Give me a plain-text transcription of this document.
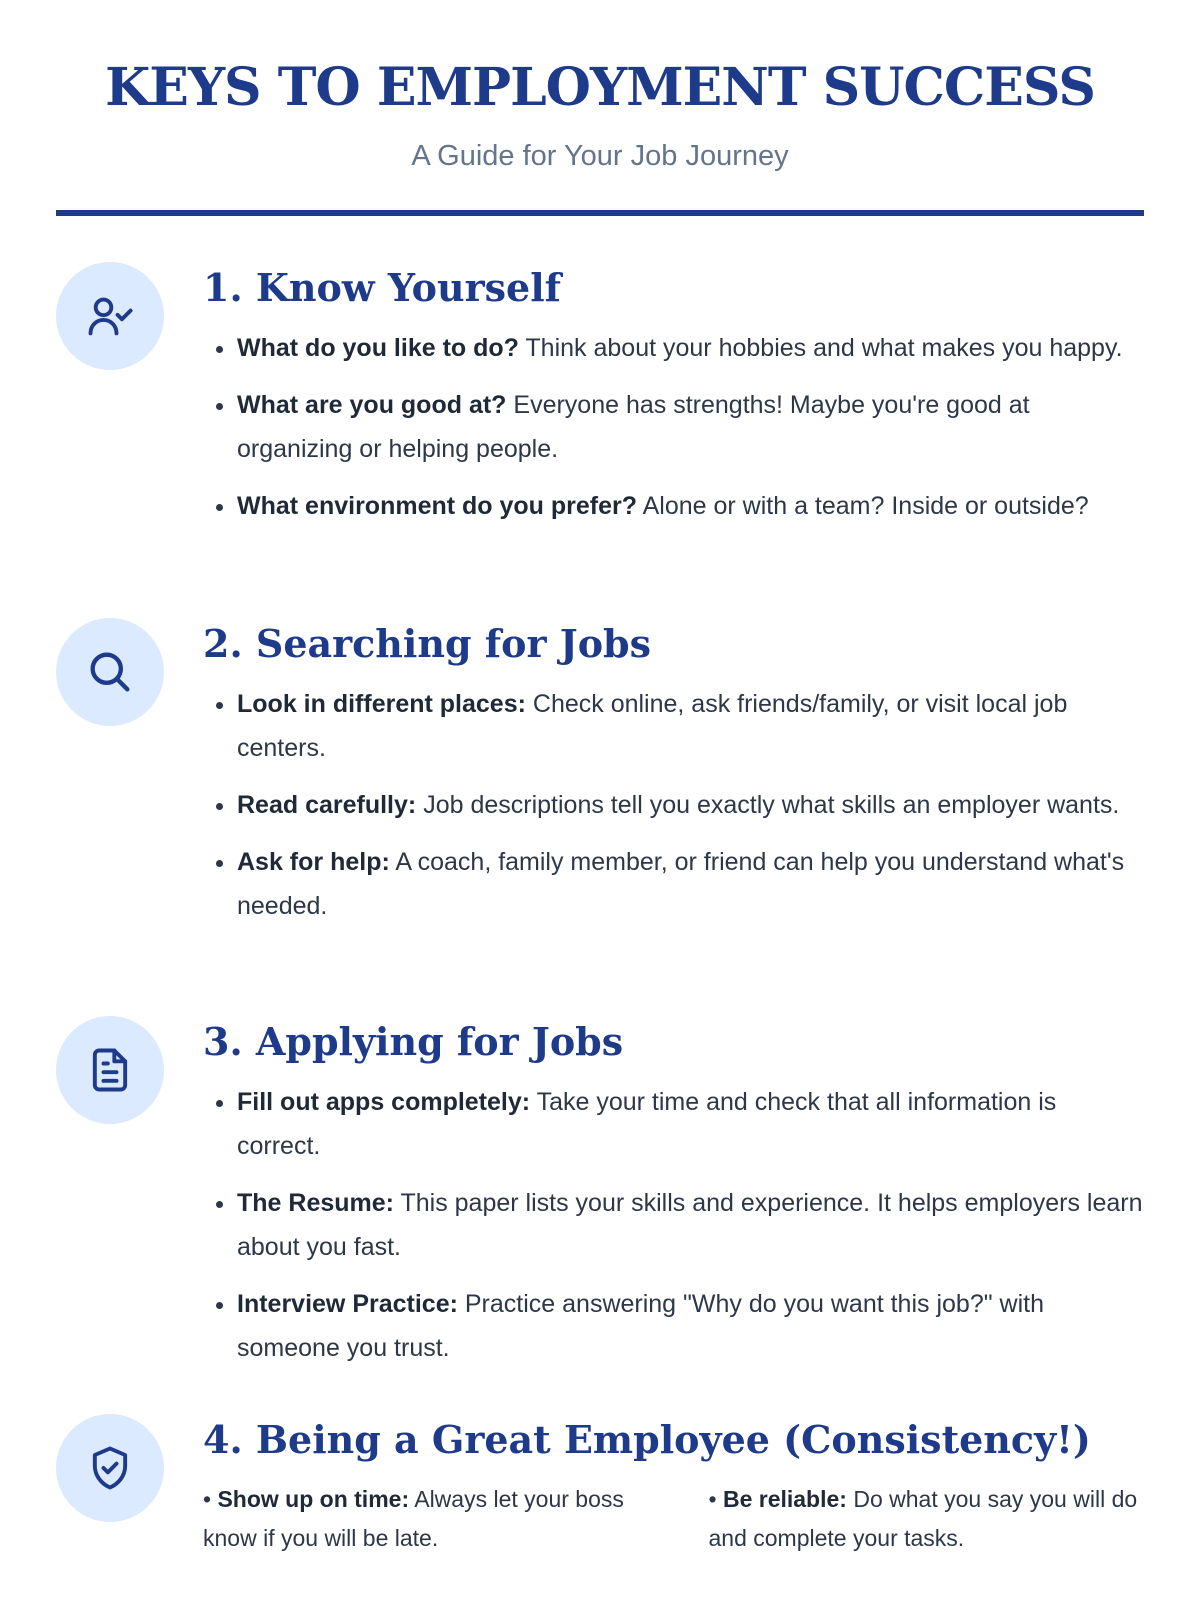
KEYS TO EMPLOYMENT SUCCESS
A Guide for Your Job Journey
1. Know Yourself
• What do you like to do? Think about your hobbies and what makes you happy.
• What are you good at? Everyone has strengths! Maybe you're good at organizing or helping people.
• What environment do you prefer? Alone or with a team? Inside or outside?
2. Searching for Jobs
• Look in different places: Check online, ask friends/family, or visit local job centers.
• Read carefully: Job descriptions tell you exactly what skills an employer wants.
• Ask for help: A coach, family member, or friend can help you understand what's needed.
3. Applying for Jobs
• Fill out apps completely: Take your time and check that all information is correct.
• The Resume: This paper lists your skills and experience. It helps employers learn about you fast.
• Interview Practice: Practice answering "Why do you want this job?" with someone you trust.
4. Being a Great Employee (Consistency!)
• Show up on time: Always let your boss know if you will be late.
• Be reliable: Do what you say you will do and complete your tasks.
